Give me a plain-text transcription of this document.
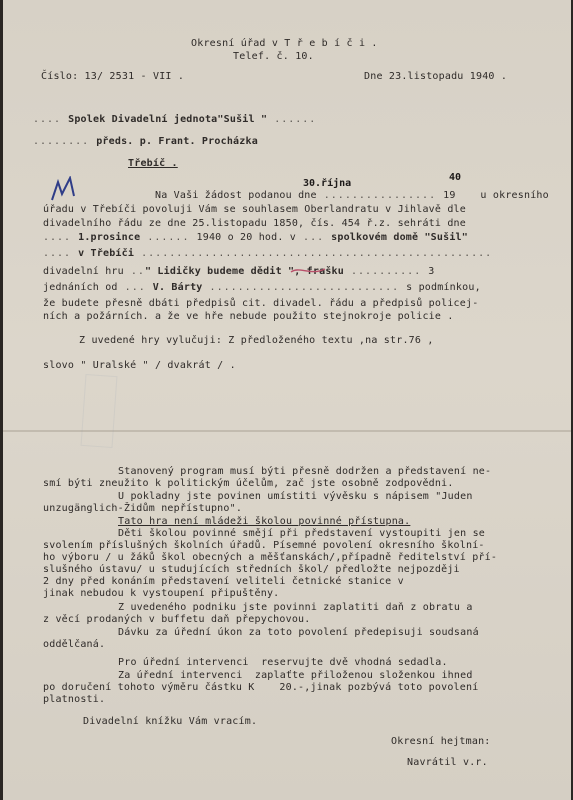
Okresní úřad v T ř e b í č i .
Telef. č. 10.
Číslo: 13/ 2531 - VII .	Dne 23.listopadu 1940 .
.... Spolek Divadelní jednota"Sušil " ......
........ předs. p. Frant. Procházka
Třebíč .
30.října
40
Na Vaši žádost podanou dne ................ 19    u okresního
úřadu v Třebíči povoluji Vám se souhlasem Oberlandratu v Jihlavě dle
divadelního řádu ze dne 25.listopadu 1850, čís. 454 ř.z. sehráti dne
.... 1.prosince ...... 1940 o 20 hod. v ... spolkovém domě "Sušil"
.... v Třebíči ..................................................
divadelní hru .." Lidičky budeme dědit ", frašku .......... 3
jednáních od ... V. Bárty ........................... s podmínkou,
že budete přesně dbáti předpisů cit. divadel. řádu a předpisů policej-
ních a požárních. a že ve hře nebude použito stejnokroje policie .
Z uvedené hry vylučuji: Z předloženého textu ,na str.76 ,
slovo " Uralské " / dvakrát / .
Stanovený program musí býti přesně dodržen a představení ne-
smí býti zneužito k politickým účelům, zač jste osobně zodpovědni.
U pokladny jste povinen umístiti vývěsku s nápisem "Juden
unzugänglich-Židům nepřístupno".
Tato hra není mládeži školou povinné přístupna.
Děti školou povinné smějí při představení vystoupiti jen se
svolením příslušných školních úřadů. Písemné povolení okresního školní-
ho výboru / u žáků škol obecných a měšťanskách/,případně ředitelství pří-
slušného ústavu/ u studujících středních škol/ předložte nejpozději
2 dny před konáním představení veliteli četnické stanice v
jinak nebudou k vystoupení připuštěny.
Z uvedeného podniku jste povinni zaplatiti daň z obratu a
z věcí prodaných v buffetu daň přepychovou.
Dávku za úřední úkon za toto povolení předepisuji soudsaná
oddělčaná.
Pro úřední intervenci  reservujte dvě vhodná sedadla.
Za úřední intervenci  zaplaťte přiloženou složenkou ihned
po doručení tohoto výměru částku K    20.-,jinak pozbývá toto povolení
platnosti.
Divadelní knížku Vám vracím.
Okresní hejtman:
Navrátil v.r.
